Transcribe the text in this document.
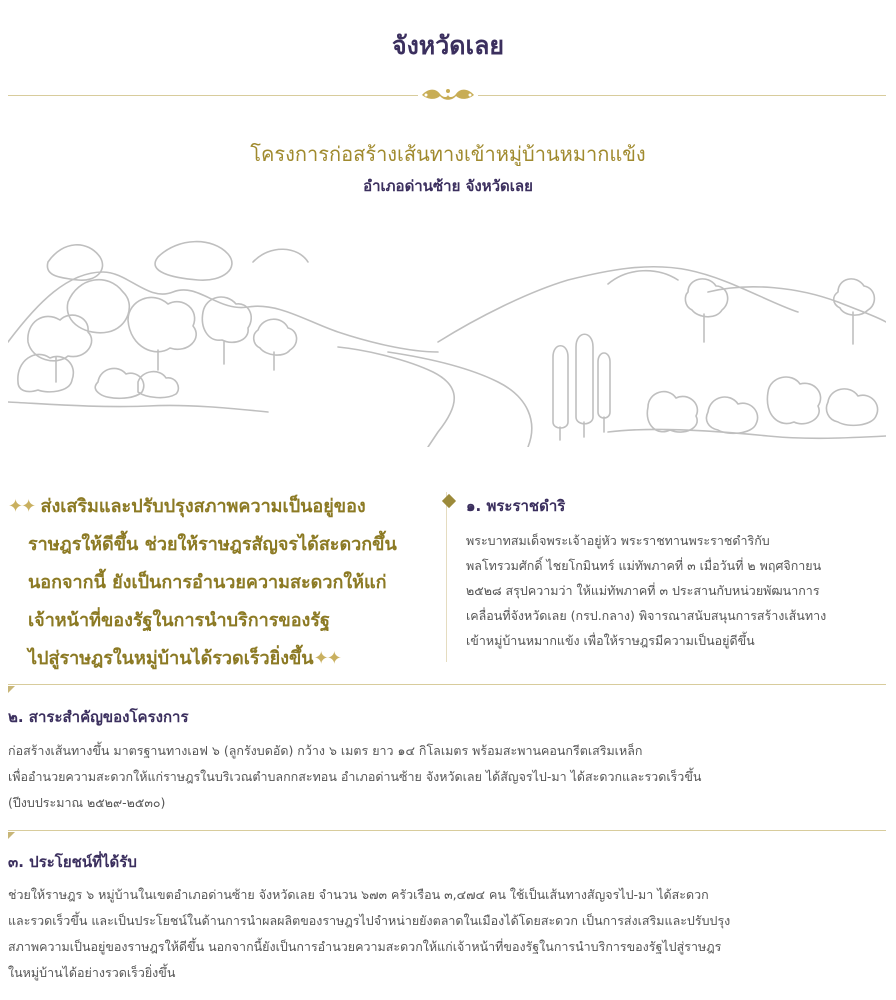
จังหวัดเลย
โครงการก่อสร้างเส้นทางเข้าหมู่บ้านหมากแข้ง
อำเภอด่านซ้าย จังหวัดเลย
✦✦ ส่งเสริมและปรับปรุงสภาพความเป็นอยู่ของ
ราษฎรให้ดีขึ้น ช่วยให้ราษฎรสัญจรได้สะดวกขึ้น
นอกจากนี้ ยังเป็นการอำนวยความสะดวกให้แก่
เจ้าหน้าที่ของรัฐในการนำบริการของรัฐ
ไปสู่ราษฎรในหมู่บ้านได้รวดเร็วยิ่งขึ้น✦✦
๑. พระราชดำริ
พระบาทสมเด็จพระเจ้าอยู่หัว พระราชทานพระราชดำริกับ
พลโทรวมศักดิ์ ไชยโกมินทร์ แม่ทัพภาคที่ ๓ เมื่อวันที่ ๒ พฤศจิกายน
๒๕๒๘ สรุปความว่า ให้แม่ทัพภาคที่ ๓ ประสานกับหน่วยพัฒนาการ
เคลื่อนที่จังหวัดเลย (กรป.กลาง) พิจารณาสนับสนุนการสร้างเส้นทาง
เข้าหมู่บ้านหมากแข้ง เพื่อให้ราษฎรมีความเป็นอยู่ดีขึ้น
๒. สาระสำคัญของโครงการ
ก่อสร้างเส้นทางขึ้น มาตรฐานทางเอฟ ๖ (ลูกรังบดอัด) กว้าง ๖ เมตร ยาว ๑๔ กิโลเมตร พร้อมสะพานคอนกรีตเสริมเหล็ก
เพื่ออำนวยความสะดวกให้แก่ราษฎรในบริเวณตำบลกกสะทอน อำเภอด่านซ้าย จังหวัดเลย ได้สัญจรไป-มา ได้สะดวกและรวดเร็วขึ้น
(ปีงบประมาณ ๒๕๒๙-๒๕๓๐)
๓. ประโยชน์ที่ได้รับ
ช่วยให้ราษฎร ๖ หมู่บ้านในเขตอำเภอด่านซ้าย จังหวัดเลย จำนวน ๖๗๓ ครัวเรือน ๓,๔๗๔ คน ใช้เป็นเส้นทางสัญจรไป-มา ได้สะดวก
และรวดเร็วขึ้น และเป็นประโยชน์ในด้านการนำผลผลิตของราษฎรไปจำหน่ายยังตลาดในเมืองได้โดยสะดวก เป็นการส่งเสริมและปรับปรุง
สภาพความเป็นอยู่ของราษฎรให้ดีขึ้น นอกจากนี้ยังเป็นการอำนวยความสะดวกให้แก่เจ้าหน้าที่ของรัฐในการนำบริการของรัฐไปสู่ราษฎร
ในหมู่บ้านได้อย่างรวดเร็วยิ่งขึ้น
